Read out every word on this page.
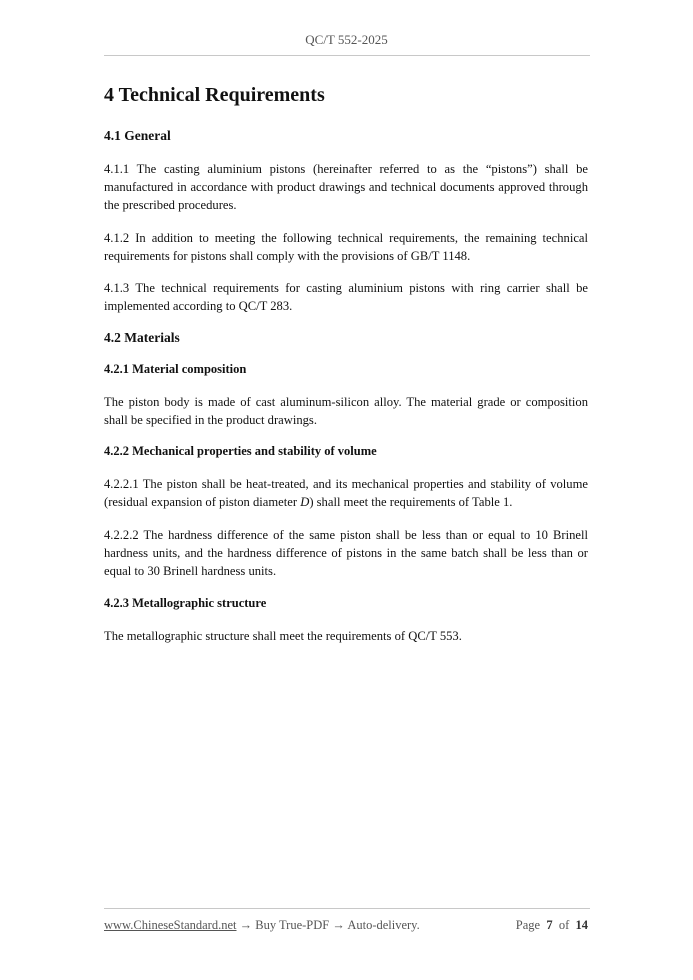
QC/T 552-2025
4 Technical Requirements
4.1 General
4.1.1 The casting aluminium pistons (hereinafter referred to as the “pistons”) shall be manufactured in accordance with product drawings and technical documents approved through the prescribed procedures.
4.1.2 In addition to meeting the following technical requirements, the remaining technical requirements for pistons shall comply with the provisions of GB/T 1148.
4.1.3 The technical requirements for casting aluminium pistons with ring carrier shall be implemented according to QC/T 283.
4.2 Materials
4.2.1 Material composition
The piston body is made of cast aluminum-silicon alloy. The material grade or composition shall be specified in the product drawings.
4.2.2 Mechanical properties and stability of volume
4.2.2.1 The piston shall be heat-treated, and its mechanical properties and stability of volume (residual expansion of piston diameter D) shall meet the requirements of Table 1.
4.2.2.2 The hardness difference of the same piston shall be less than or equal to 10 Brinell hardness units, and the hardness difference of pistons in the same batch shall be less than or equal to 30 Brinell hardness units.
4.2.3 Metallographic structure
The metallographic structure shall meet the requirements of QC/T 553.
www.ChineseStandard.net → Buy True-PDF → Auto-delivery.	Page 7 of 14
